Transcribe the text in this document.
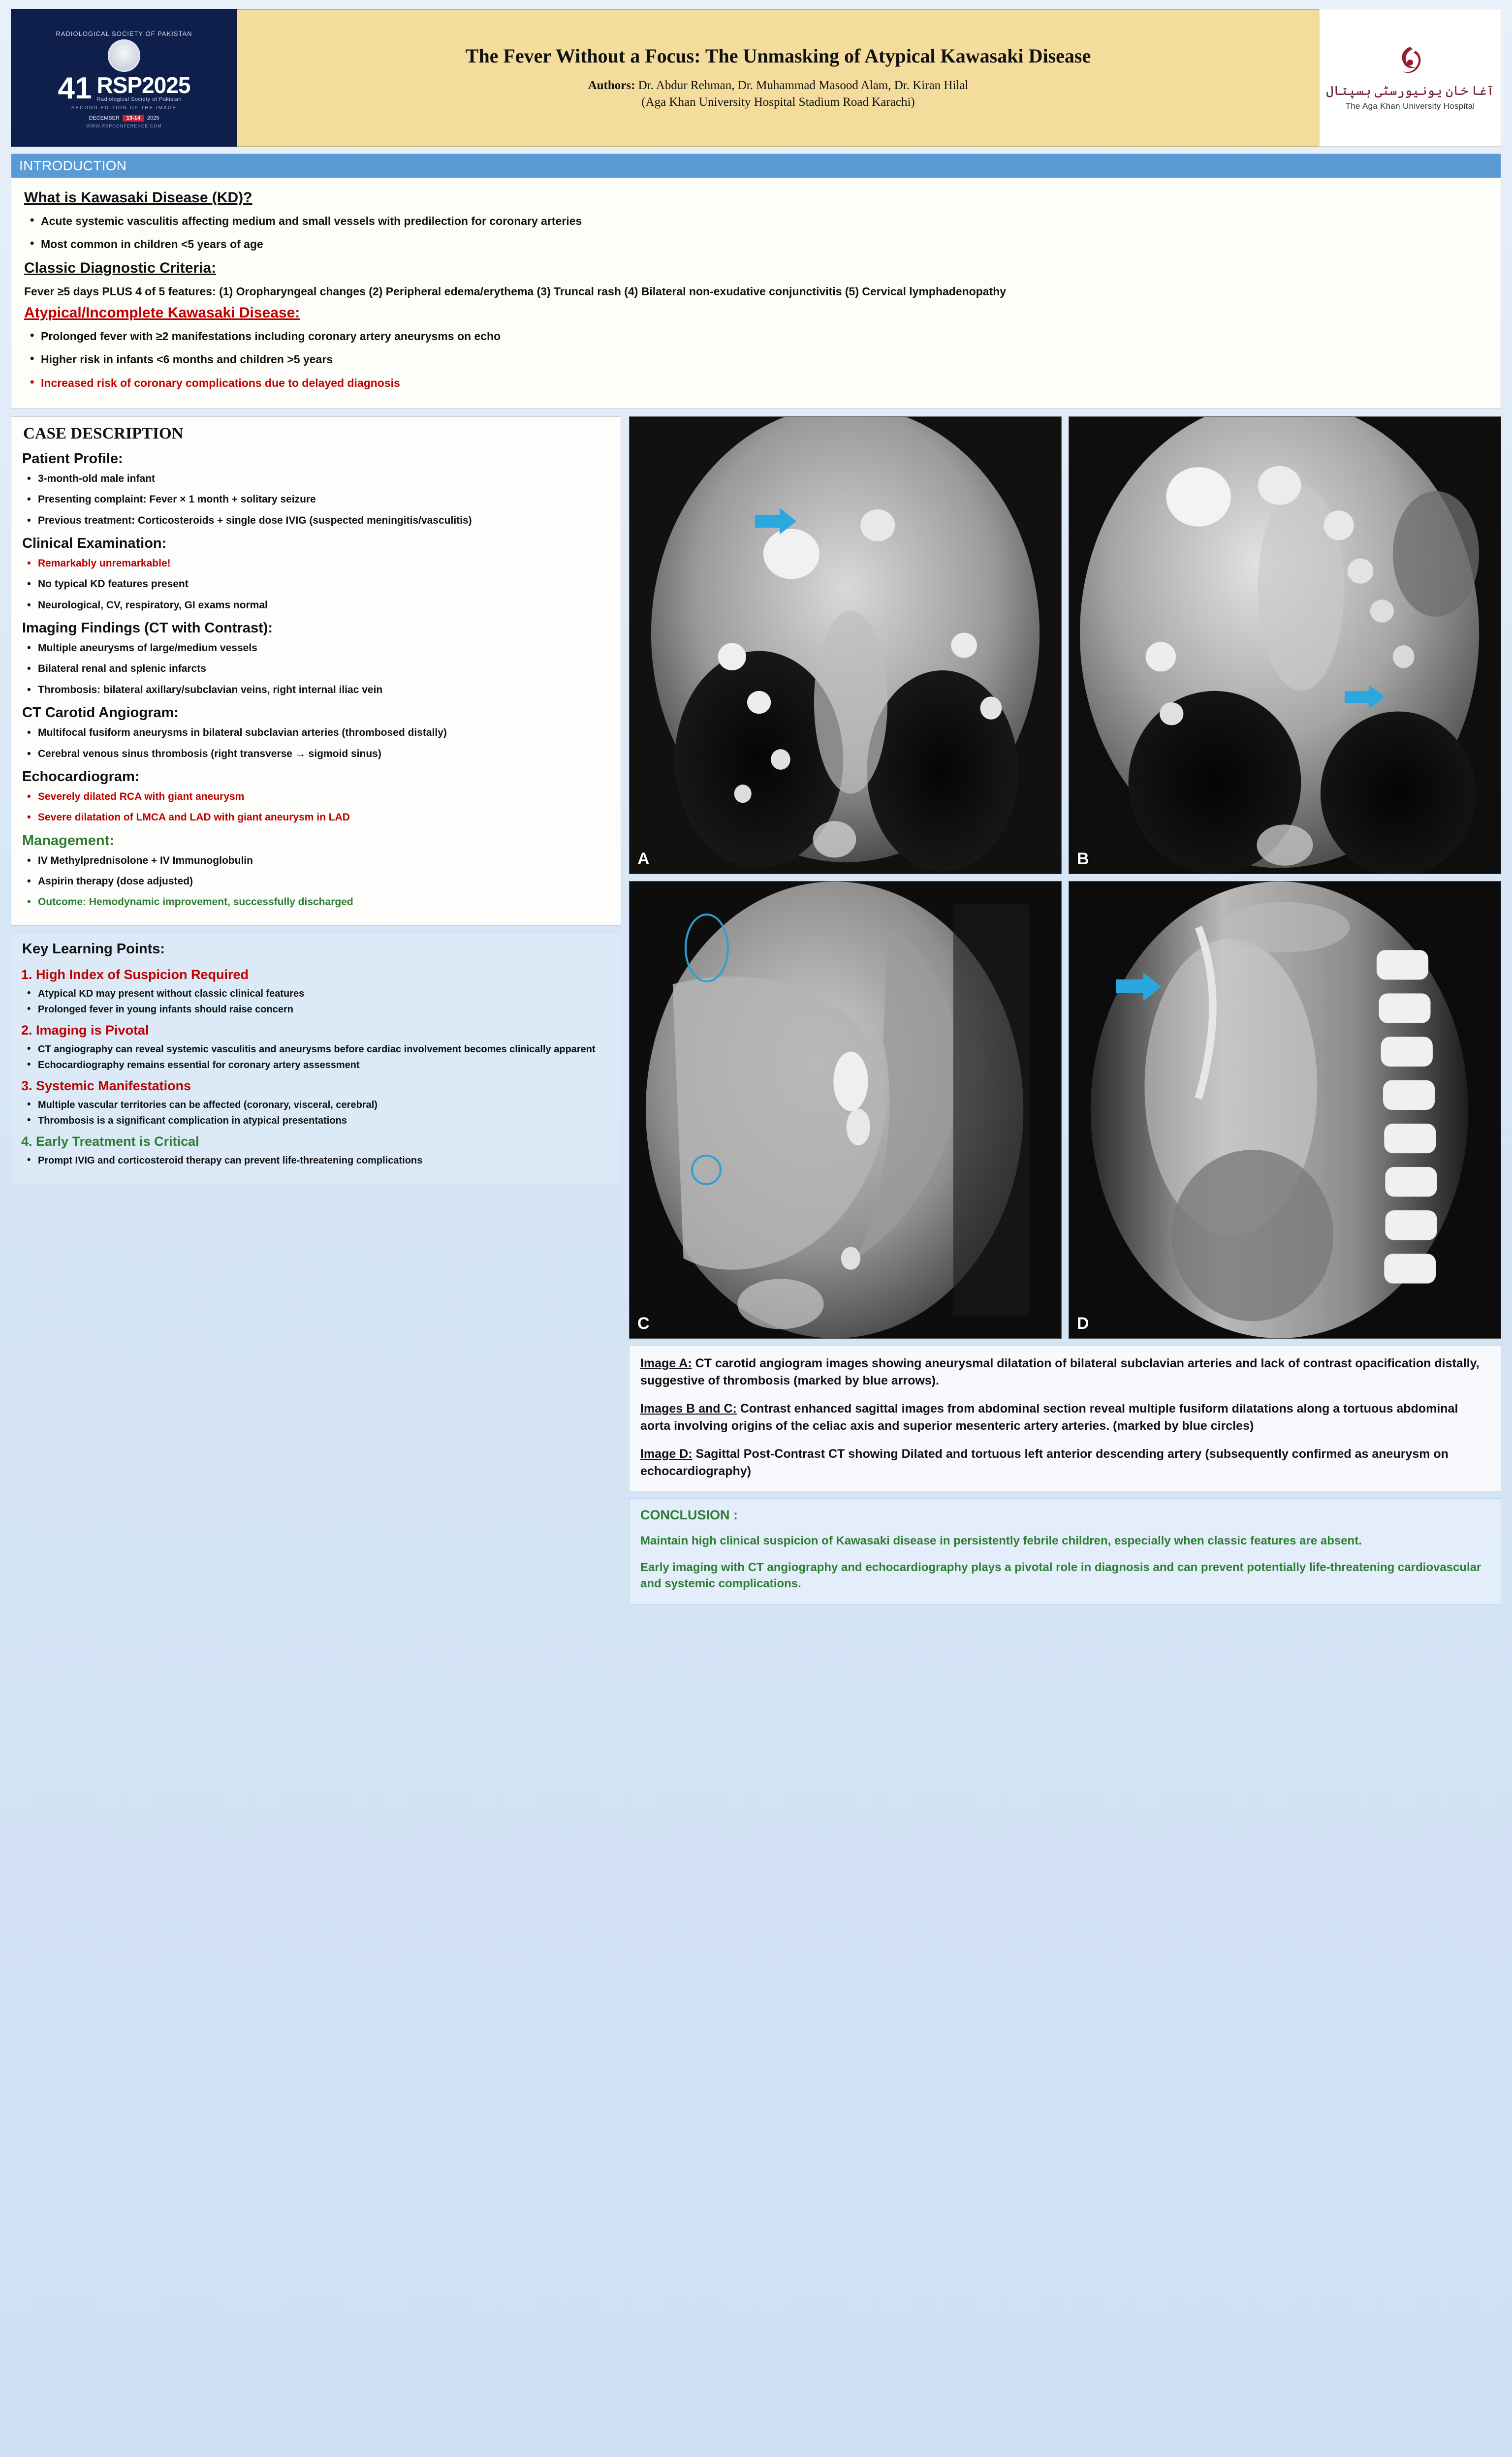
RADIOLOGICAL SOCIETY OF PAKISTAN
41 RSP2025
Radiological Society of Pakistan
SECOND EDITION OF THE IMAGE
DECEMBER	13-14	2025
WWW.RSPCONFERENCE.COM
The Fever Without a Focus: The Unmasking of Atypical Kawasaki Disease
Authors: Dr. Abdur Rehman, Dr. Muhammad Masood Alam, Dr. Kiran Hilal
(Aga Khan University Hospital Stadium Road Karachi)
آغا خان یونیورسٹی ہسپتال
The Aga Khan University Hospital
INTRODUCTION
What is Kawasaki Disease (KD)?
• Acute systemic vasculitis affecting medium and small vessels with predilection for coronary arteries
• Most common in children <5 years of age
Classic Diagnostic Criteria:
Fever ≥5 days PLUS 4 of 5 features: (1) Oropharyngeal changes (2) Peripheral edema/erythema (3) Truncal rash (4) Bilateral non-exudative conjunctivitis (5) Cervical lymphadenopathy
Atypical/Incomplete Kawasaki Disease:
• Prolonged fever with ≥2 manifestations including coronary artery aneurysms on echo
• Higher risk in infants <6 months and children >5 years
• Increased risk of coronary complications due to delayed diagnosis
CASE DESCRIPTION
Patient Profile:
• 3-month-old male infant
• Presenting complaint: Fever × 1 month + solitary seizure
• Previous treatment: Corticosteroids + single dose IVIG (suspected meningitis/vasculitis)
Clinical Examination:
• Remarkably unremarkable!
• No typical KD features present
• Neurological, CV, respiratory, GI exams normal
Imaging Findings (CT with Contrast):
• Multiple aneurysms of large/medium vessels
• Bilateral renal and splenic infarcts
• Thrombosis: bilateral axillary/subclavian veins, right internal iliac vein
CT Carotid Angiogram:
• Multifocal fusiform aneurysms in bilateral subclavian arteries (thrombosed distally)
• Cerebral venous sinus thrombosis (right transverse → sigmoid sinus)
Echocardiogram:
• Severely dilated RCA with giant aneurysm
• Severe dilatation of LMCA and LAD with giant aneurysm in LAD
Management:
• IV Methylprednisolone + IV Immunoglobulin
• Aspirin therapy (dose adjusted)
• Outcome: Hemodynamic improvement, successfully discharged
Key Learning Points:
1. High Index of Suspicion Required
• Atypical KD may present without classic clinical features
• Prolonged fever in young infants should raise concern
2. Imaging is Pivotal
• CT angiography can reveal systemic vasculitis and aneurysms before cardiac involvement becomes clinically apparent
• Echocardiography remains essential for coronary artery assessment
3. Systemic Manifestations
• Multiple vascular territories can be affected (coronary, visceral, cerebral)
• Thrombosis is a significant complication in atypical presentations
4. Early Treatment is Critical
• Prompt IVIG and corticosteroid therapy can prevent life-threatening complications
A	B
C	D
Image A: CT carotid angiogram images showing aneurysmal dilatation of bilateral subclavian arteries and lack of contrast opacification distally, suggestive of thrombosis (marked by blue arrows).
Images B and C: Contrast enhanced sagittal images from abdominal section reveal multiple fusiform dilatations along a tortuous abdominal aorta involving origins of the celiac axis and superior mesenteric artery arteries. (marked by blue circles)
Image D: Sagittal Post-Contrast CT showing Dilated and tortuous left anterior descending artery (subsequently confirmed as aneurysm on echocardiography)
CONCLUSION :
Maintain high clinical suspicion of Kawasaki disease in persistently febrile children, especially when classic features are absent.
Early imaging with CT angiography and echocardiography plays a pivotal role in diagnosis and can prevent potentially life-threatening cardiovascular and systemic complications.
